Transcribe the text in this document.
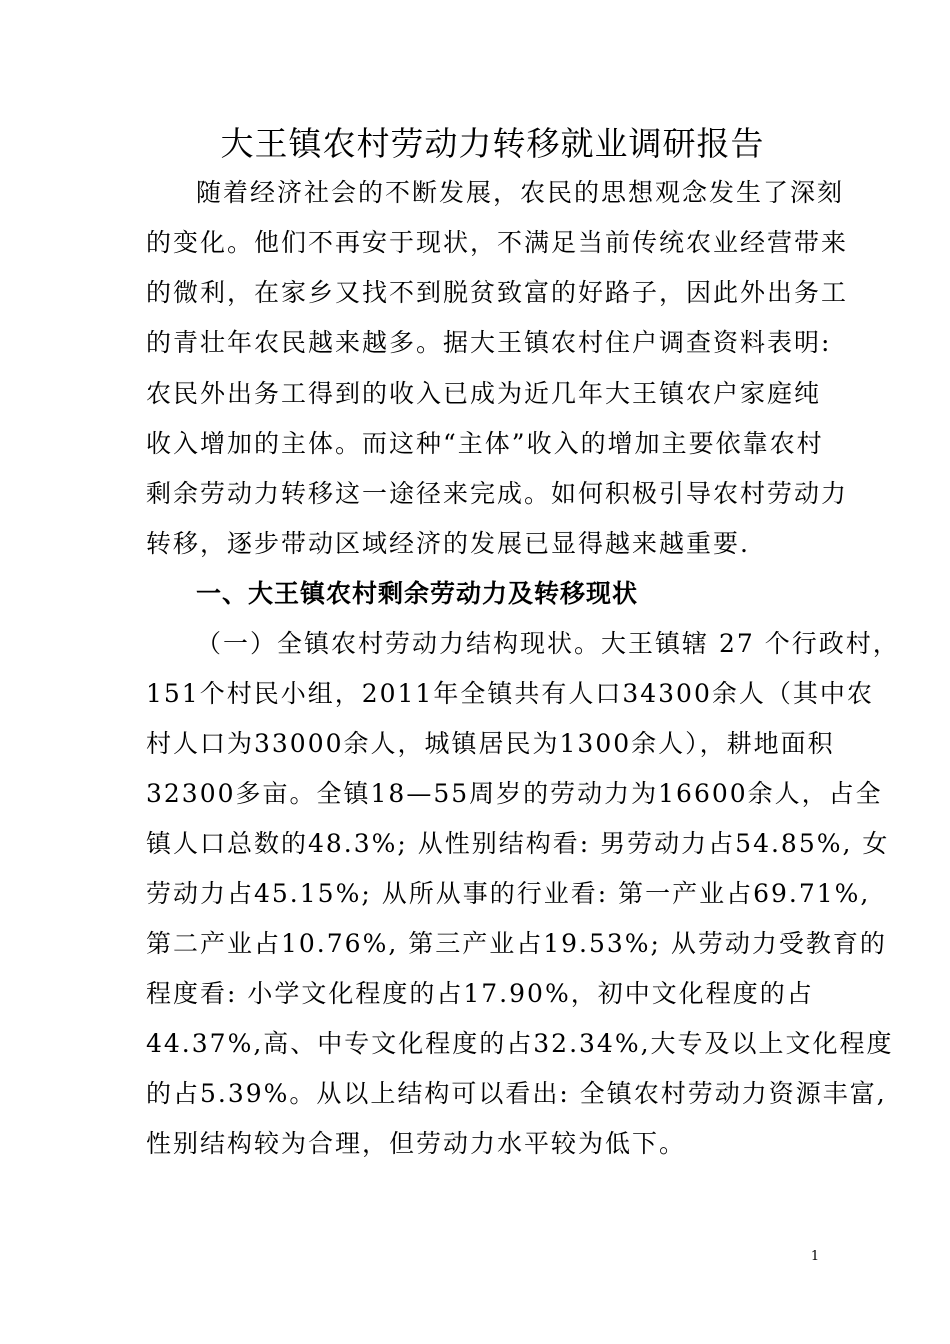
大王镇农村劳动力转移就业调研报告
随着经济社会的不断发展，农民的思想观念发生了深刻
的变化。他们不再安于现状，不满足当前传统农业经营带来
的微利，在家乡又找不到脱贫致富的好路子，因此外出务工
的青壮年农民越来越多。据大王镇农村住户调查资料表明:
农民外出务工得到的收入已成为近几年大王镇农户家庭纯
收入增加的主体。而这种“主体”收入的增加主要依靠农村
剩余劳动力转移这一途径来完成。如何积极引导农村劳动力
转移，逐步带动区域经济的发展已显得越来越重要.
一、大王镇农村剩余劳动力及转移现状
（一）全镇农村劳动力结构现状。大王镇辖 27 个行政村，
151个村民小组，2011年全镇共有人口34300余人（其中农
村人口为33000余人，城镇居民为1300余人），耕地面积
32300多亩。全镇18—55周岁的劳动力为16600余人，占全
镇人口总数的48.3%; 从性别结构看: 男劳动力占54.85%, 女
劳动力占45.15%; 从所从事的行业看: 第一产业占69.71%,
第二产业占10.76%, 第三产业占19.53%; 从劳动力受教育的
程度看: 小学文化程度的占17.90%，初中文化程度的占
44.37%,高、中专文化程度的占32.34%,大专及以上文化程度
的占5.39%。从以上结构可以看出: 全镇农村劳动力资源丰富,
性别结构较为合理，但劳动力水平较为低下。
1
